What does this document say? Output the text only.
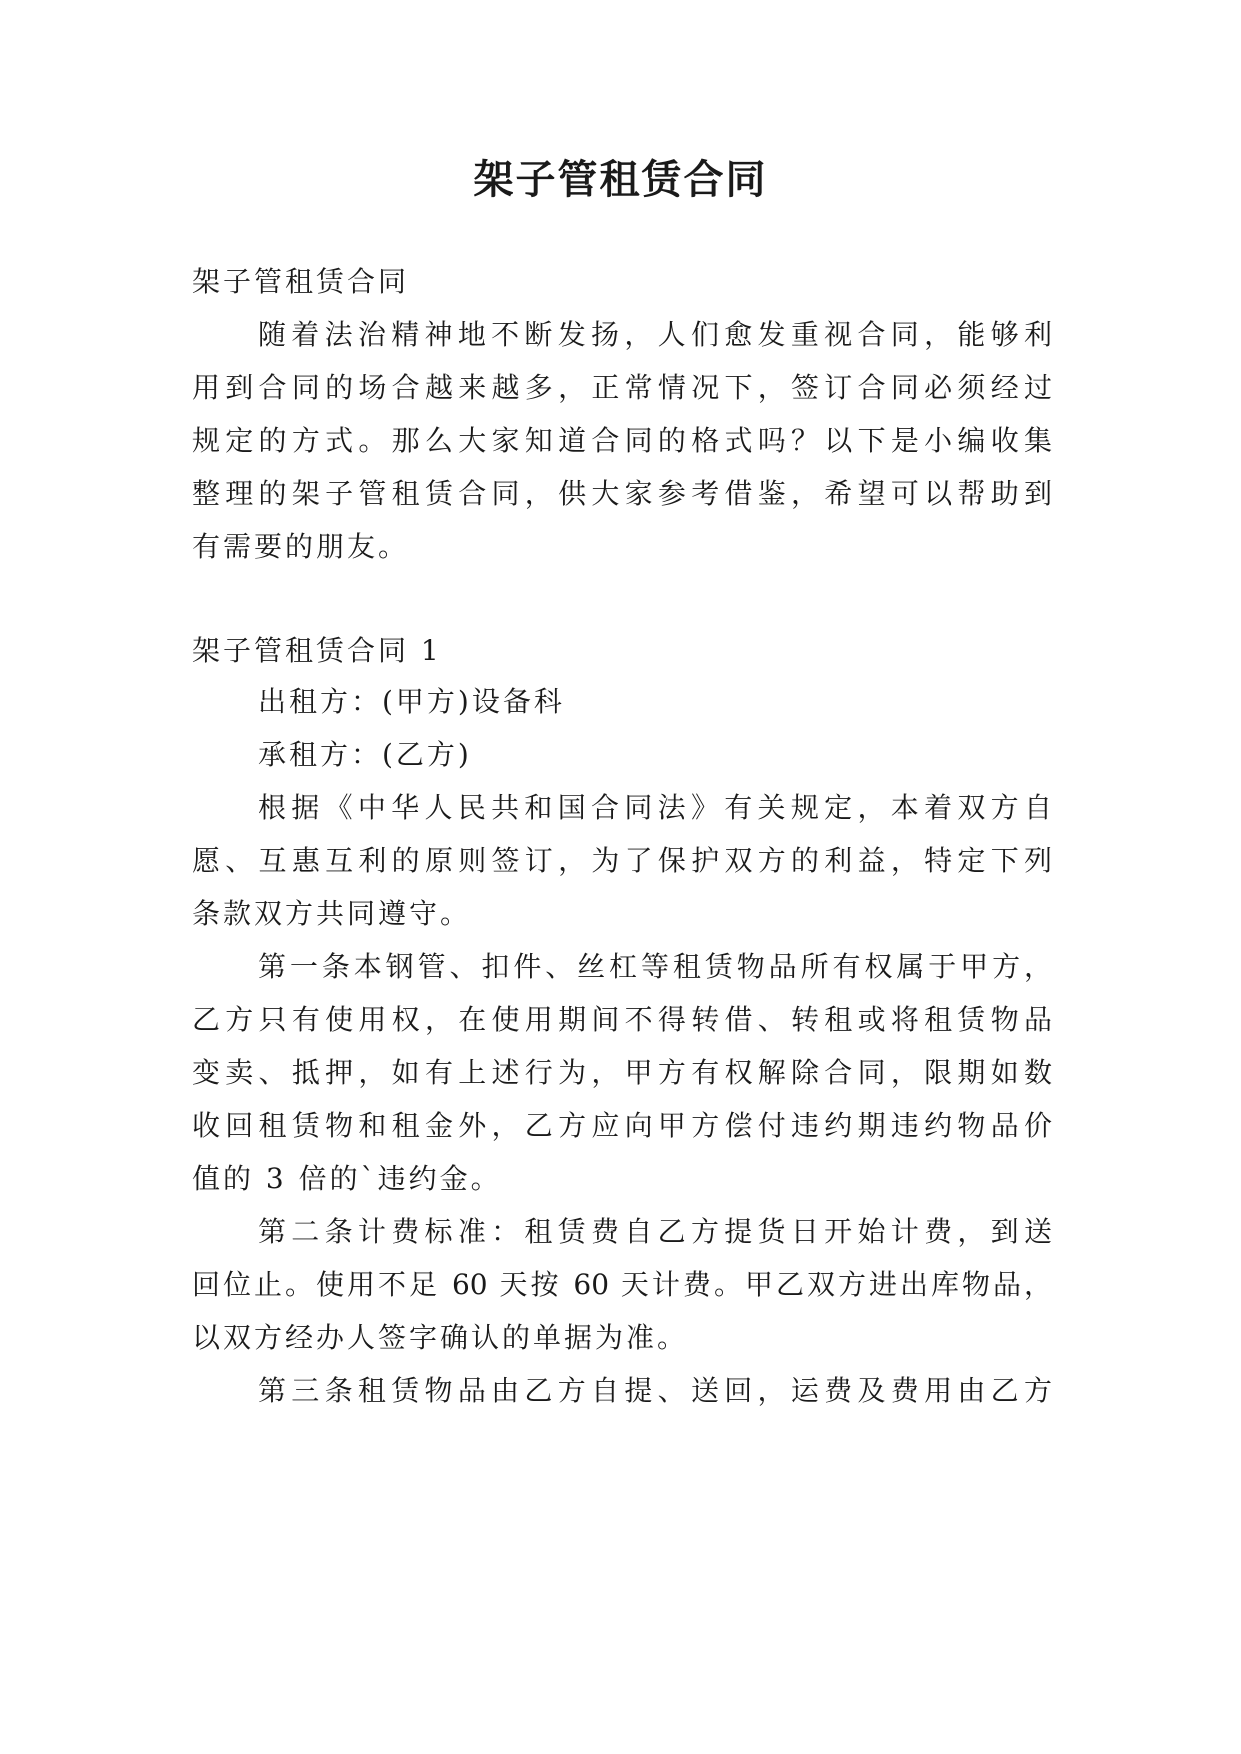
架子管租赁合同

架子管租赁合同

随着法治精神地不断发扬，人们愈发重视合同，能够利

用到合同的场合越来越多，正常情况下，签订合同必须经过

规定的方式。那么大家知道合同的格式吗？以下是小编收集

整理的架子管租赁合同，供大家参考借鉴，希望可以帮助到

有需要的朋友。

架子管租赁合同 1

出租方：(甲方)设备科

承租方：(乙方)

根据《中华人民共和国合同法》有关规定，本着双方自

愿、互惠互利的原则签订，为了保护双方的利益，特定下列

条款双方共同遵守。

第一条本钢管、扣件、丝杠等租赁物品所有权属于甲方，

乙方只有使用权，在使用期间不得转借、转租或将租赁物品

变卖、抵押，如有上述行为，甲方有权解除合同，限期如数

收回租赁物和租金外，乙方应向甲方偿付违约期违约物品价

值的 3 倍的`违约金。

第二条计费标准：租赁费自乙方提货日开始计费，到送

回位止。使用不足 60 天按 60 天计费。甲乙双方进出库物品，

以双方经办人签字确认的单据为准。

第三条租赁物品由乙方自提、送回，运费及费用由乙方
